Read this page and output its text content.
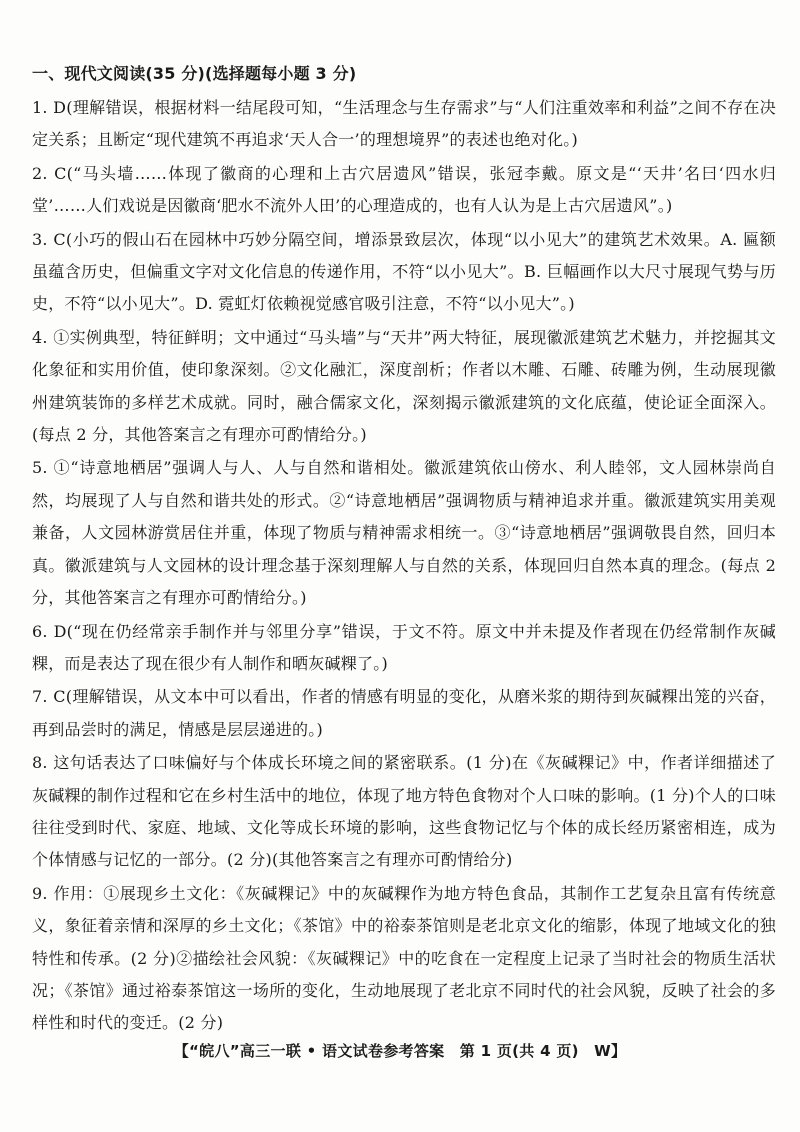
一、现代文阅读(35 分)(选择题每小题 3 分)

1. D(理解错误，根据材料一结尾段可知，“生活理念与生存需求”与“人们注重效率和利益”之间不存在决定关系；且断定“现代建筑不再追求‘天人合一’的理想境界”的表述也绝对化。)

2. C(“马头墙……体现了徽商的心理和上古穴居遗风”错误，张冠李戴。原文是“‘天井’名曰‘四水归堂’……人们戏说是因徽商‘肥水不流外人田’的心理造成的，也有人认为是上古穴居遗风”。)

3. C(小巧的假山石在园林中巧妙分隔空间，增添景致层次，体现“以小见大”的建筑艺术效果。A. 匾额虽蕴含历史，但偏重文字对文化信息的传递作用，不符“以小见大”。B. 巨幅画作以大尺寸展现气势与历史，不符“以小见大”。D. 霓虹灯依赖视觉感官吸引注意，不符“以小见大”。)

4. ①实例典型，特征鲜明；文中通过“马头墙”与“天井”两大特征，展现徽派建筑艺术魅力，并挖掘其文化象征和实用价值，使印象深刻。②文化融汇，深度剖析；作者以木雕、石雕、砖雕为例，生动展现徽州建筑装饰的多样艺术成就。同时，融合儒家文化，深刻揭示徽派建筑的文化底蕴，使论证全面深入。(每点 2 分，其他答案言之有理亦可酌情给分。)

5. ①“诗意地栖居”强调人与人、人与自然和谐相处。徽派建筑依山傍水、利人睦邻，文人园林崇尚自然，均展现了人与自然和谐共处的形式。②“诗意地栖居”强调物质与精神追求并重。徽派建筑实用美观兼备，人文园林游赏居住并重，体现了物质与精神需求相统一。③“诗意地栖居”强调敬畏自然，回归本真。徽派建筑与人文园林的设计理念基于深刻理解人与自然的关系，体现回归自然本真的理念。(每点 2 分，其他答案言之有理亦可酌情给分。)

6. D(“现在仍经常亲手制作并与邻里分享”错误，于文不符。原文中并未提及作者现在仍经常制作灰碱粿，而是表达了现在很少有人制作和晒灰碱粿了。)

7. C(理解错误，从文本中可以看出，作者的情感有明显的变化，从磨米浆的期待到灰碱粿出笼的兴奋，再到品尝时的满足，情感是层层递进的。)

8. 这句话表达了口味偏好与个体成长环境之间的紧密联系。(1 分)在《灰碱粿记》中，作者详细描述了灰碱粿的制作过程和它在乡村生活中的地位，体现了地方特色食物对个人口味的影响。(1 分)个人的口味往往受到时代、家庭、地域、文化等成长环境的影响，这些食物记忆与个体的成长经历紧密相连，成为个体情感与记忆的一部分。(2 分)(其他答案言之有理亦可酌情给分)

9. 作用：①展现乡土文化：《灰碱粿记》中的灰碱粿作为地方特色食品，其制作工艺复杂且富有传统意义，象征着亲情和深厚的乡土文化；《茶馆》中的裕泰茶馆则是老北京文化的缩影，体现了地域文化的独特性和传承。(2 分)②描绘社会风貌：《灰碱粿记》中的吃食在一定程度上记录了当时社会的物质生活状况；《茶馆》通过裕泰茶馆这一场所的变化，生动地展现了老北京不同时代的社会风貌，反映了社会的多样性和时代的变迁。(2 分)

【“皖八”高三一联 • 语文试卷参考答案　第 1 页(共 4 页)　W】
